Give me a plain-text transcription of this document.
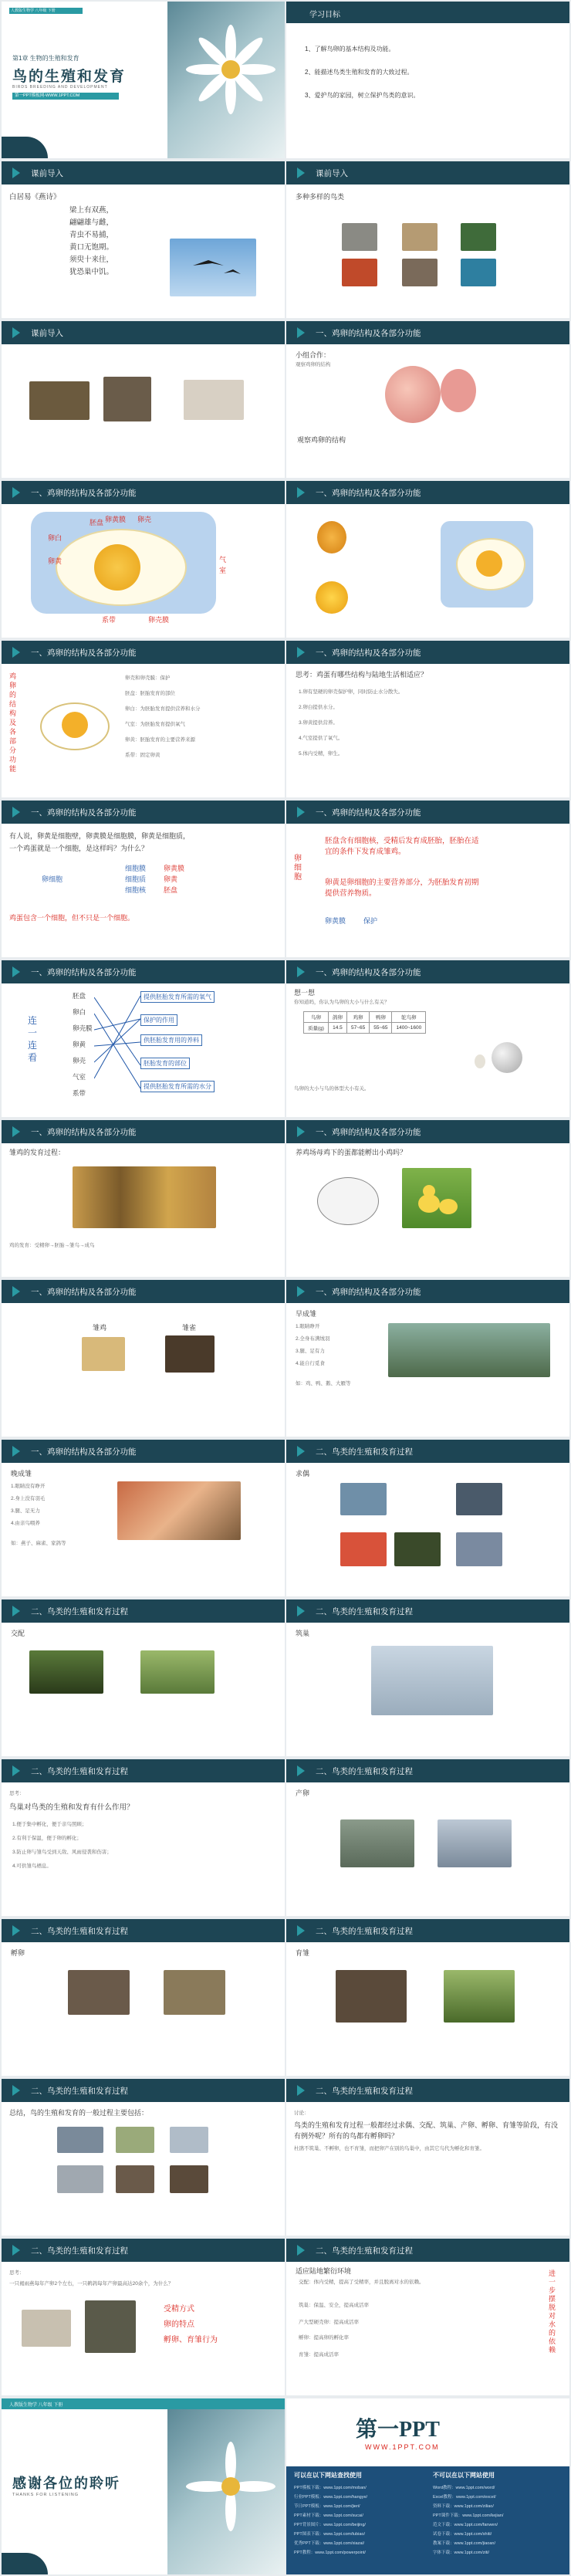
人教版生物学 八年级 下册
第1章 生物的生殖和发育
鸟的生殖和发育
BIRDS BREEDING AND DEVELOPMENT
第一PPT模板网-WWW.1PPT.COM
学习目标
1、了解鸟卵的基本结构及功能。
2、能描述鸟类生殖和发育的大致过程。
3、爱护鸟的家园，树立保护鸟类的意识。
课前导入
白居易《燕诗》
梁上有双燕，
翩翩雄与雌，
青虫不易捕，
黄口无饱期。
须臾十来往，
犹恐巢中饥。
课前导入
多种多样的鸟类
课前导入	一、鸡卵的结构及各部分功能
小组合作：
观察鸡卵的结构
观察鸡卵的结构
一、鸡卵的结构及各部分功能
胚盘
卵白
卵黄
卵黄膜 卵壳
气室
系带	卵壳膜
一、鸡卵的结构及各部分功能
一、鸡卵的结构及各部分功能
鸡卵的结构及各部分功能
卵壳和卵壳膜：保护
胚盘：胚胎发育的部位
卵白：为胚胎发育提供营养和水分
气室：为胚胎发育提供氧气
卵黄：胚胎发育的主要营养来源
系带：固定卵黄
一、鸡卵的结构及各部分功能
思考：鸡蛋有哪些结构与陆地生活相适应？
1.卵有坚硬的卵壳保护卵，同时防止水分散失。
2.卵白提供水分。
3.卵黄提供营养。
4.气室提供了氧气。
5.体内受精，卵生。
一、鸡卵的结构及各部分功能
有人说，卵黄是细胞壁，卵黄膜是细胞膜，卵黄是细胞质，
一个鸡蛋就是一个细胞，是这样吗？为什么？
卵细胞
细胞膜
细胞质
细胞核
卵黄膜
卵黄
胚盘
鸡蛋包含一个细胞，但不只是一个细胞。
一、鸡卵的结构及各部分功能
卵细胞
胚盘含有细胞核，受精后发育成胚胎，胚胎在适宜的条件下发育成雏鸡。
卵黄是卵细胞的主要营养部分，为胚胎发育初期提供营养物质。
卵黄膜	保护
一、鸡卵的结构及各部分功能
连一连看
胚盘
卵白
卵壳膜
卵黄
卵壳
气室
系带
提供胚胎发育所需的氧气
保护的作用
供胚胎发育用的养料
胚胎发育的部位
提供胚胎发育所需的水分
一、鸡卵的结构及各部分功能
想一想
你知道吗，你认为鸟卵的大小与什么有关？
鸟卵	鸽卵	鸡卵	鸭卵	鸵鸟卵
质量(g)	14.5	57~65	55~65	1400~1600
鸟卵的大小与鸟的体型大小有关。
一、鸡卵的结构及各部分功能
雏鸡的发育过程：
鸡的发育：受精卵→胚胎→雏鸟→成鸟
一、鸡卵的结构及各部分功能
养鸡场母鸡下的蛋都能孵出小鸡吗？
一、鸡卵的结构及各部分功能
雏鸡	雏雀
一、鸡卵的结构及各部分功能
早成雏
1.眼睛睁开
2.全身布满绒羽
3.腿、足有力
4.能自行觅食
如：鸡、鸭、鹅、大雁等
一、鸡卵的结构及各部分功能
晚成雏
1.眼睛没有睁开
2.身上没有羽毛
3.腿、足无力
4.由亲鸟喂养
如：燕子、麻雀、家鸽等
二、鸟类的生殖和发育过程
求偶
二、鸟类的生殖和发育过程
交配
二、鸟类的生殖和发育过程
筑巢
二、鸟类的生殖和发育过程
思考：
鸟巢对鸟类的生殖和发育有什么作用？
1.便于集中孵化，便于亲鸟照顾；
2.有利于保温，便于卵的孵化；
3.防止卵与雏鸟受到天敌、风雨侵袭和伤害；
4.可供雏鸟栖息。
二、鸟类的生殖和发育过程
产卵
二、鸟类的生殖和发育过程
孵卵
二、鸟类的生殖和发育过程
育雏
二、鸟类的生殖和发育过程
总结，鸟的生殖和发育的一般过程主要包括：
二、鸟类的生殖和发育过程
讨论：
鸟类的生殖和发育过程一般都经过求偶、交配、筑巢、产卵、孵卵、育雏等阶段，有没有例外呢？所有的鸟都有孵卵吗？
杜鹃不筑巢、不孵卵，也不育雏，而把卵产在别的鸟巢中，由其它鸟代为孵化和育雏。
二、鸟类的生殖和发育过程
思考：
一只褐雨燕每年产卵2个左右，一只鹌鹑每年产卵最高达20余个，为什么？
受精方式
卵的特点
孵卵、育雏行为
二、鸟类的生殖和发育过程
适应陆地繁衍环境
交配：体内受精，提高了受精率，并且脱离对水的依赖。
筑巢：保温、安全，提高成活率
产大型硬壳卵：提高成活率
孵卵：提高卵的孵化率
育雏：提高成活率
进一步摆脱对水的依赖
人教版生物学 八年级 下册
感谢各位的聆听
THANKS FOR LISTENING
第一PPT
WWW.1PPT.COM
可以在以下网站查找使用	不可以在以下网站使用
PPT模板下载：www.1ppt.com/moban/
行业PPT模板：www.1ppt.com/hangye/
节日PPT模板：www.1ppt.com/jieri/
PPT素材下载：www.1ppt.com/sucai/
PPT背景图片：www.1ppt.com/beijing/
PPT图表下载：www.1ppt.com/tubiao/
优秀PPT下载：www.1ppt.com/xiazai/
PPT教程：www.1ppt.com/powerpoint/
Word教程：www.1ppt.com/word/
Excel教程：www.1ppt.com/excel/
资料下载：www.1ppt.com/ziliao/
PPT课件下载：www.1ppt.com/kejian/
范文下载：www.1ppt.com/fanwen/
试卷下载：www.1ppt.com/shiti/
教案下载：www.1ppt.com/jiaoan/
字体下载：www.1ppt.com/ziti/
